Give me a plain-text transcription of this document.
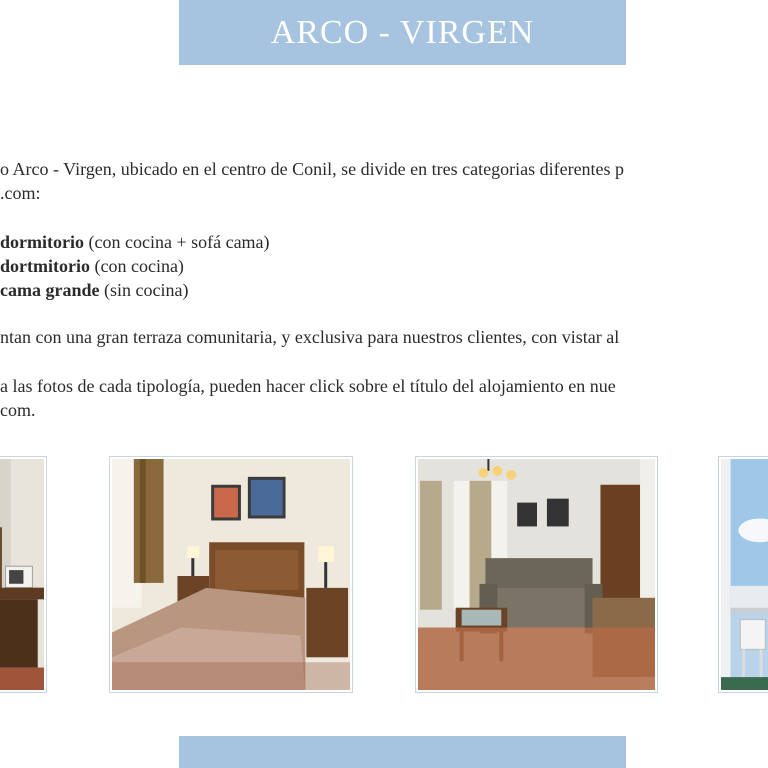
ARCO - VIRGEN
o Arco - Virgen, ubicado en el centro de Conil, se divide en tres categorias diferentes p
.com:
dormitorio (con cocina + sofá cama)
dortmitorio (con cocina)
cama grande (sin cocina)
ntan con una gran terraza comunitaria, y exclusiva para nuestros clientes, con vistar al
a las fotos de cada tipología, pueden hacer click sobre el título del alojamiento en nue
com.
